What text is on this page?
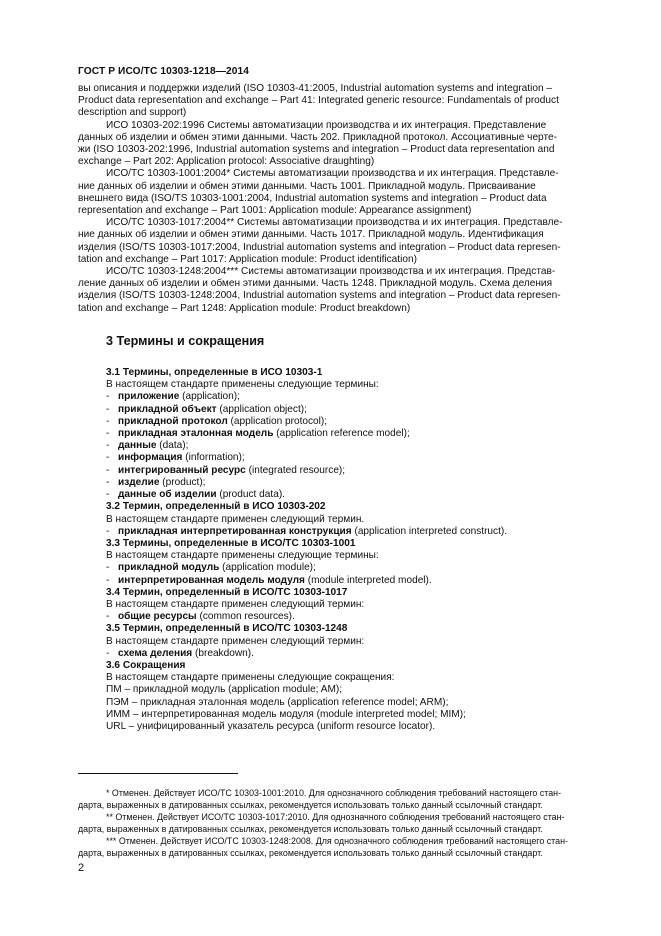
ГОСТ Р ИСО/ТС 10303-1218—2014
вы описания и поддержки изделий (ISO 10303-41:2005, Industrial automation systems and integration –
Product data representation and exchange – Part 41: Integrated generic resource: Fundamentals of product
description and support)
ИСО 10303-202:1996 Системы автоматизации производства и их интеграция. Представление
данных об изделии и обмен этими данными. Часть 202. Прикладной протокол. Ассоциативные черте-
жи (ISO 10303-202:1996, Industrial automation systems and integration – Product data representation and
exchange – Part 202: Application protocol: Associative draughting)
ИСО/ТС 10303-1001:2004* Системы автоматизации производства и их интеграция. Представле-
ние данных об изделии и обмен этими данными. Часть 1001. Прикладной модуль. Присваивание
внешнего вида (ISO/TS 10303-1001:2004, Industrial automation systems and integration – Product data
representation and exchange – Part 1001: Application module: Appearance assignment)
ИСО/ТС 10303-1017:2004** Системы автоматизации производства и их интеграция. Представле-
ние данных об изделии и обмен этими данными. Часть 1017. Прикладной модуль. Идентификация
изделия (ISO/TS 10303-1017:2004, Industrial automation systems and integration – Product data represen-
tation and exchange – Part 1017: Application module: Product identification)
ИСО/ТС 10303-1248:2004*** Системы автоматизации производства и их интеграция. Представ-
ление данных об изделии и обмен этими данными. Часть 1248. Прикладной модуль. Схема деления
изделия (ISO/TS 10303-1248:2004, Industrial automation systems and integration – Product data represen-
tation and exchange – Part 1248: Application module: Product breakdown)
3 Термины и сокращения
3.1 Термины, определенные в ИСО 10303-1
В настоящем стандарте применены следующие термины:
- приложение (application);
- прикладной объект (application object);
- прикладной протокол (application protocol);
- прикладная эталонная модель (application reference model);
- данные (data);
- информация (information);
- интегрированный ресурс (integrated resource);
- изделие (product);
- данные об изделии (product data).
3.2 Термин, определенный в ИСО 10303-202
В настоящем стандарте применен следующий термин.
- прикладная интерпретированная конструкция (application interpreted construct).
3.3 Термины, определенные в ИСО/ТС 10303-1001
В настоящем стандарте применены следующие термины:
- прикладной модуль (application module);
- интерпретированная модель модуля (module interpreted model).
3.4 Термин, определенный в ИСО/ТС 10303-1017
В настоящем стандарте применен следующий термин:
- общие ресурсы (common resources).
3.5 Термин, определенный в ИСО/ТС 10303-1248
В настоящем стандарте применен следующий термин:
- схема деления (breakdown).
3.6 Сокращения
В настоящем стандарте применены следующие сокращения:
ПМ – прикладной модуль (application module; AM);
ПЭМ – прикладная эталонная модель (application reference model; ARM);
ИММ – интерпретированная модель модуля (module interpreted model; MIM);
URL – унифицированный указатель ресурса (uniform resource locator).
* Отменен. Действует ИСО/ТС 10303-1001:2010. Для однозначного соблюдения требований настоящего стан-
дарта, выраженных в датированных ссылках, рекомендуется использовать только данный ссылочный стандарт.
** Отменен. Действует ИСО/ТС 10303-1017:2010. Для однозначного соблюдения требований настоящего стан-
дарта, выраженных в датированных ссылках, рекомендуется использовать только данный ссылочный стандарт.
*** Отменен. Действует ИСО/ТС 10303-1248:2008. Для однозначного соблюдения требований настоящего стан-
дарта, выраженных в датированных ссылках, рекомендуется использовать только данный ссылочный стандарт.
2
